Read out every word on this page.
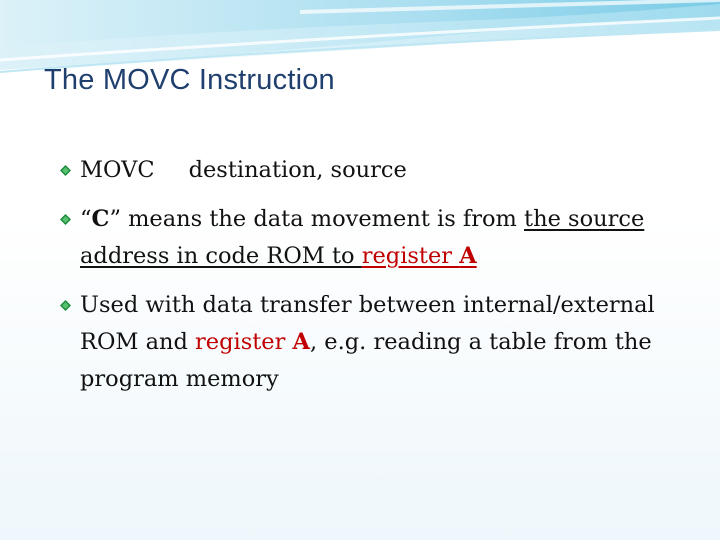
The MOVC Instruction
MOVC destination, source
“C” means the data movement is from the source address in code ROM to register A
Used with data transfer between internal/external ROM and register A, e.g. reading a table from the program memory
